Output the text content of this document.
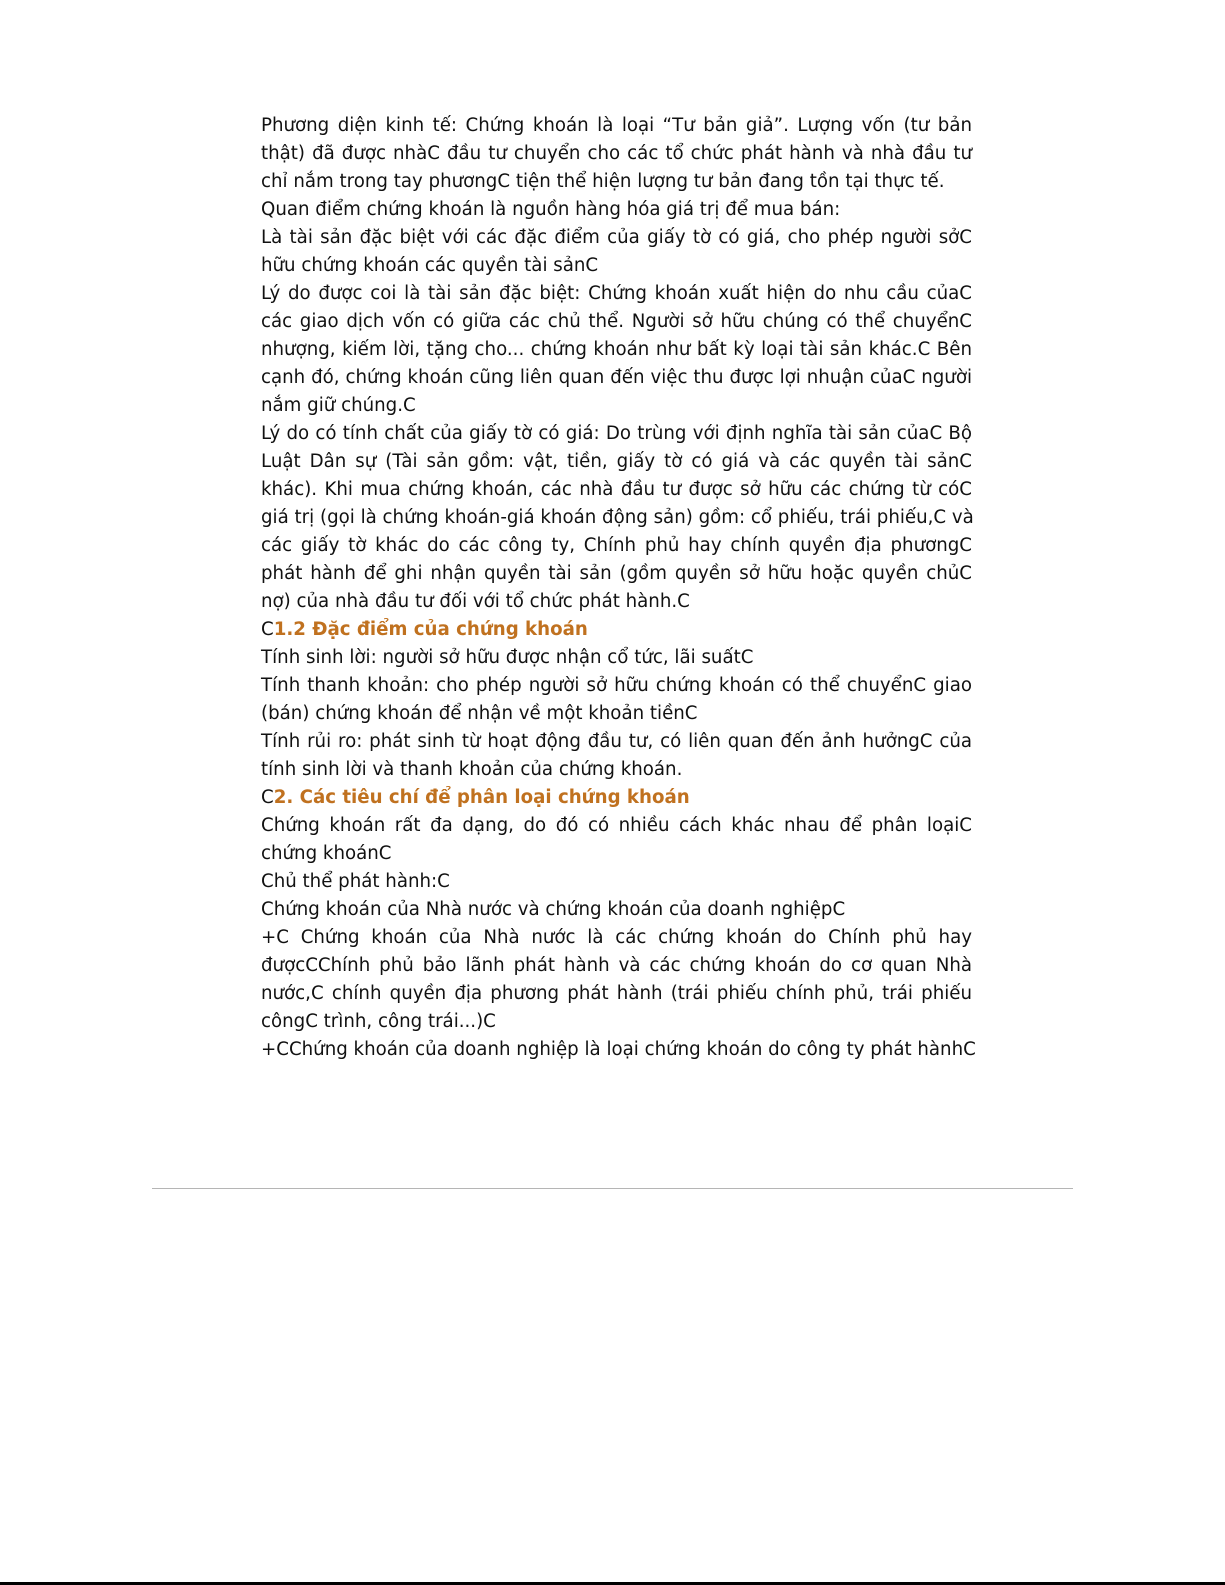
Phương diện kinh tế: Chứng khoán là loại “Tư bản giả”. Lượng vốn (tư bản
thật) đã được nhàC đầu tư chuyển cho các tổ chức phát hành và nhà đầu tư
chỉ nắm trong tay phươngC tiện thể hiện lượng tư bản đang tồn tại thực tế.
Quan điểm chứng khoán là nguồn hàng hóa giá trị để mua bán:
Là tài sản đặc biệt với các đặc điểm của giấy tờ có giá, cho phép người sởC
hữu chứng khoán các quyền tài sảnC
Lý do được coi là tài sản đặc biệt: Chứng khoán xuất hiện do nhu cầu củaC
các giao dịch vốn có giữa các chủ thể. Người sở hữu chúng có thể chuyểnC
nhượng, kiếm lời, tặng cho... chứng khoán như bất kỳ loại tài sản khác.C Bên
cạnh đó, chứng khoán cũng liên quan đến việc thu được lợi nhuận củaC người
nắm giữ chúng.C
Lý do có tính chất của giấy tờ có giá: Do trùng với định nghĩa tài sản củaC Bộ
Luật Dân sự (Tài sản gồm: vật, tiền, giấy tờ có giá và các quyền tài sảnC
khác). Khi mua chứng khoán, các nhà đầu tư được sở hữu các chứng từ cóC
giá trị (gọi là chứng khoán-giá khoán động sản) gồm: cổ phiếu, trái phiếu,C và
các giấy tờ khác do các công ty, Chính phủ hay chính quyền địa phươngC
phát hành để ghi nhận quyền tài sản (gồm quyền sở hữu hoặc quyền chủC
nợ) của nhà đầu tư đối với tổ chức phát hành.C
C1.2 Đặc điểm của chứng khoán
Tính sinh lời: người sở hữu được nhận cổ tức, lãi suấtC
Tính thanh khoản: cho phép người sở hữu chứng khoán có thể chuyểnC giao
(bán) chứng khoán để nhận về một khoản tiềnC
Tính rủi ro: phát sinh từ hoạt động đầu tư, có liên quan đến ảnh hưởngC của
tính sinh lời và thanh khoản của chứng khoán.
C2. Các tiêu chí để phân loại chứng khoán
Chứng khoán rất đa dạng, do đó có nhiều cách khác nhau để phân loạiC
chứng khoánC
Chủ thể phát hành:C
Chứng khoán của Nhà nước và chứng khoán của doanh nghiệpC
+C Chứng khoán của Nhà nước là các chứng khoán do Chính phủ hay
đượcCChính phủ bảo lãnh phát hành và các chứng khoán do cơ quan Nhà
nước,C chính quyền địa phương phát hành (trái phiếu chính phủ, trái phiếu
côngC trình, công trái...)C
+CChứng khoán của doanh nghiệp là loại chứng khoán do công ty phát hànhC
